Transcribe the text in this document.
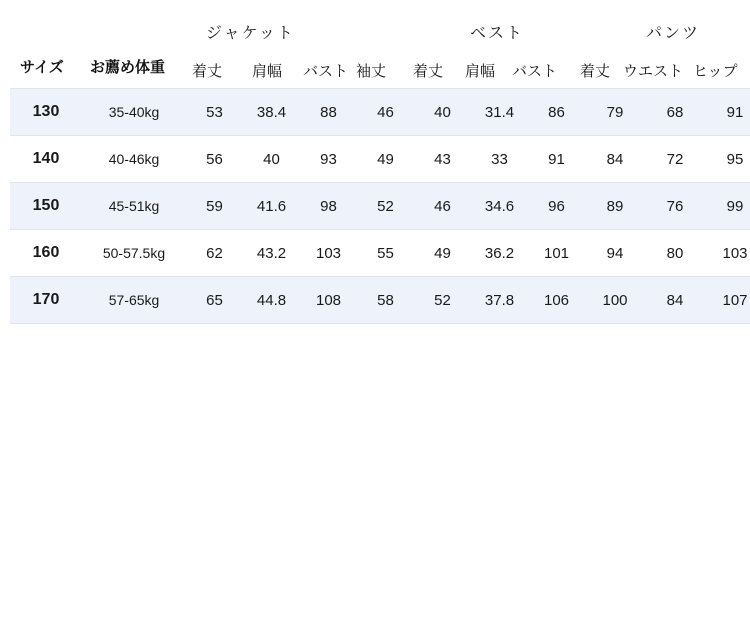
ジャケット	ベスト	パンツ
サイズ お薦め体重 着丈 肩幅 バスト 袖丈 着丈 肩幅 バスト 着丈 ウエスト ヒップ
130	35-40kg	53	38.4	88	46	40	31.4	86	79	68	91
140	40-46kg	56	40	93	49	43	33	91	84	72	95
150	45-51kg	59	41.6	98	52	46	34.6	96	89	76	99
160	50-57.5kg	62	43.2	103	55	49	36.2	101	94	80	103
170	57-65kg	65	44.8	108	58	52	37.8	106	100	84	107
